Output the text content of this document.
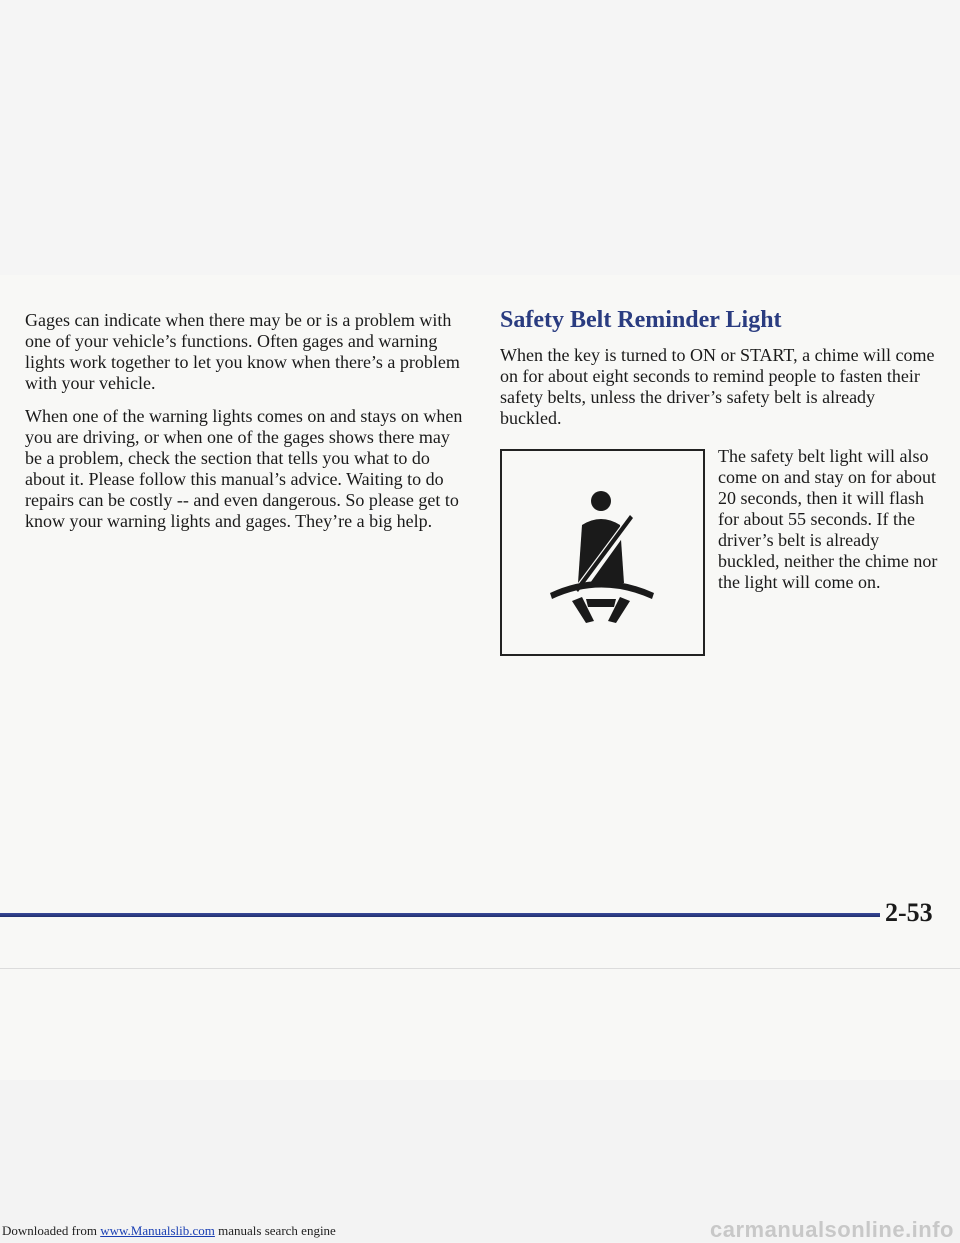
Gages can indicate when there may be or is a problem with one of your vehicle’s functions. Often gages and warning lights work together to let you know when there’s a problem with your vehicle.

When one of the warning lights comes on and stays on when you are driving, or when one of the gages shows there may be a problem, check the section that tells you what to do about it. Please follow this manual’s advice. Waiting to do repairs can be costly -- and even dangerous. So please get to know your warning lights and gages. They’re a big help.

Safety Belt Reminder Light

When the key is turned to ON or START, a chime will come on for about eight seconds to remind people to fasten their safety belts, unless the driver’s safety belt is already buckled.

The safety belt light will also come on and stay on for about 20 seconds, then it will flash for about 55 seconds. If the driver’s belt is already buckled, neither the chime nor the light will come on.

2-53
Downloaded from www.Manualslib.com manuals search engine	carmanualsonline.info
